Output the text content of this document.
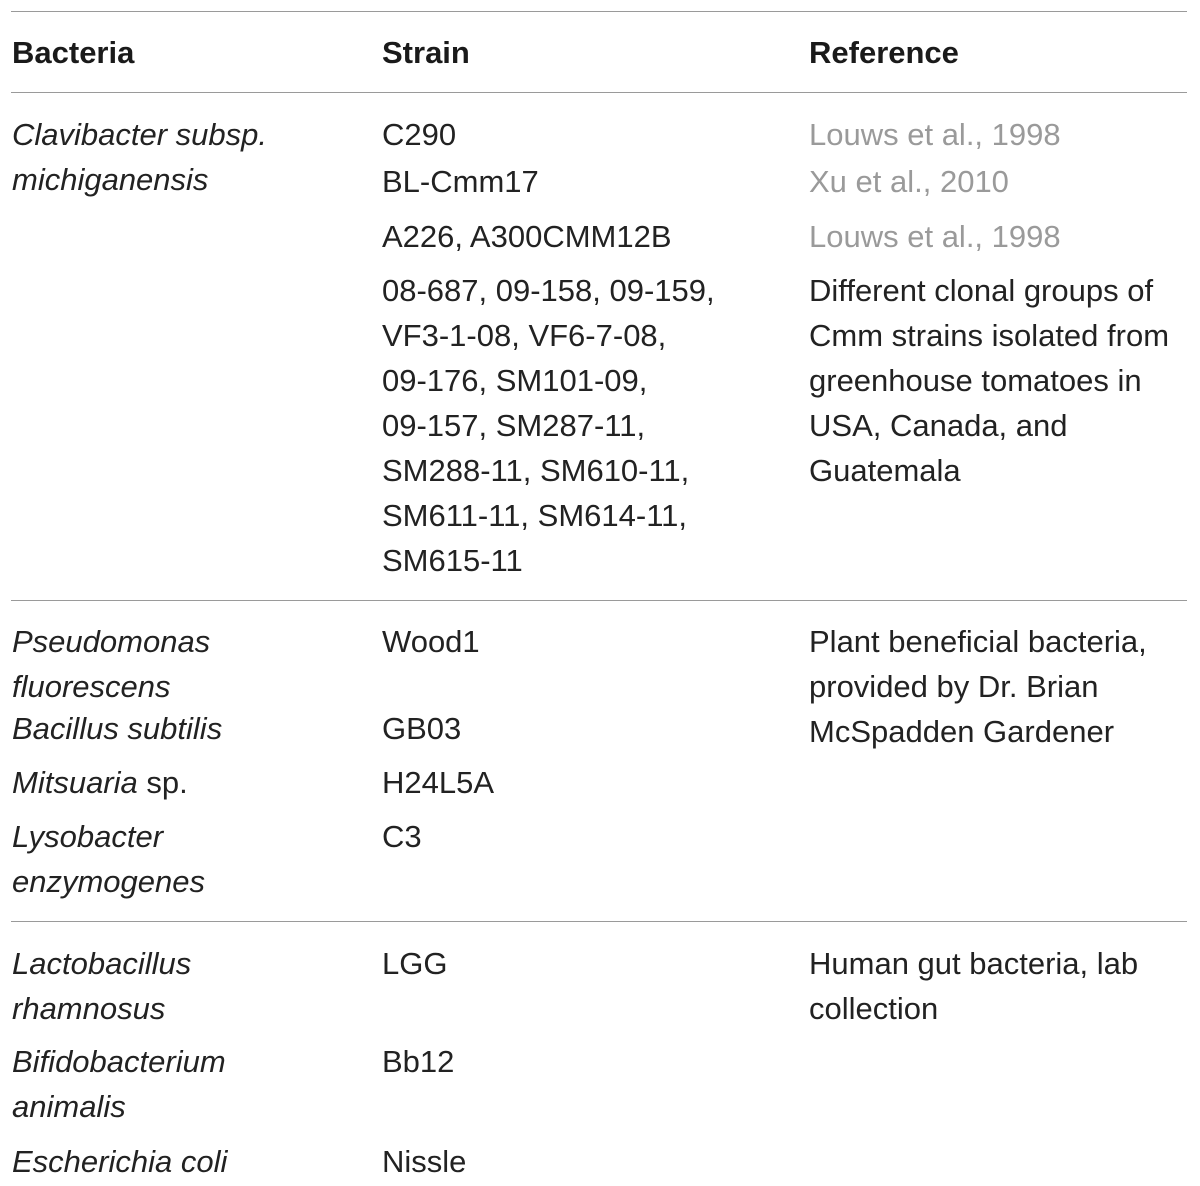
Bacteria	Strain	Reference

Clavibacter subsp.

michiganensis

C290

BL-Cmm17

A226, A300CMM12B

08-687, 09-158, 09-159,

VF3-1-08, VF6-7-08,

09-176, SM101-09,

09-157, SM287-11,

SM288-11, SM610-11,

SM611-11, SM614-11,

SM615-11

Louws et al., 1998

Xu et al., 2010

Louws et al., 1998

Different clonal groups of

Cmm strains isolated from

greenhouse tomatoes in

USA, Canada, and

Guatemala

Pseudomonas

fluorescens

Bacillus subtilis

Mitsuaria sp.

Lysobacter

enzymogenes

Wood1

GB03

H24L5A

C3

Plant beneficial bacteria,

provided by Dr. Brian

McSpadden Gardener

Lactobacillus

rhamnosus

Bifidobacterium

animalis

Escherichia coli

LGG

Bb12

Nissle

Human gut bacteria, lab

collection
